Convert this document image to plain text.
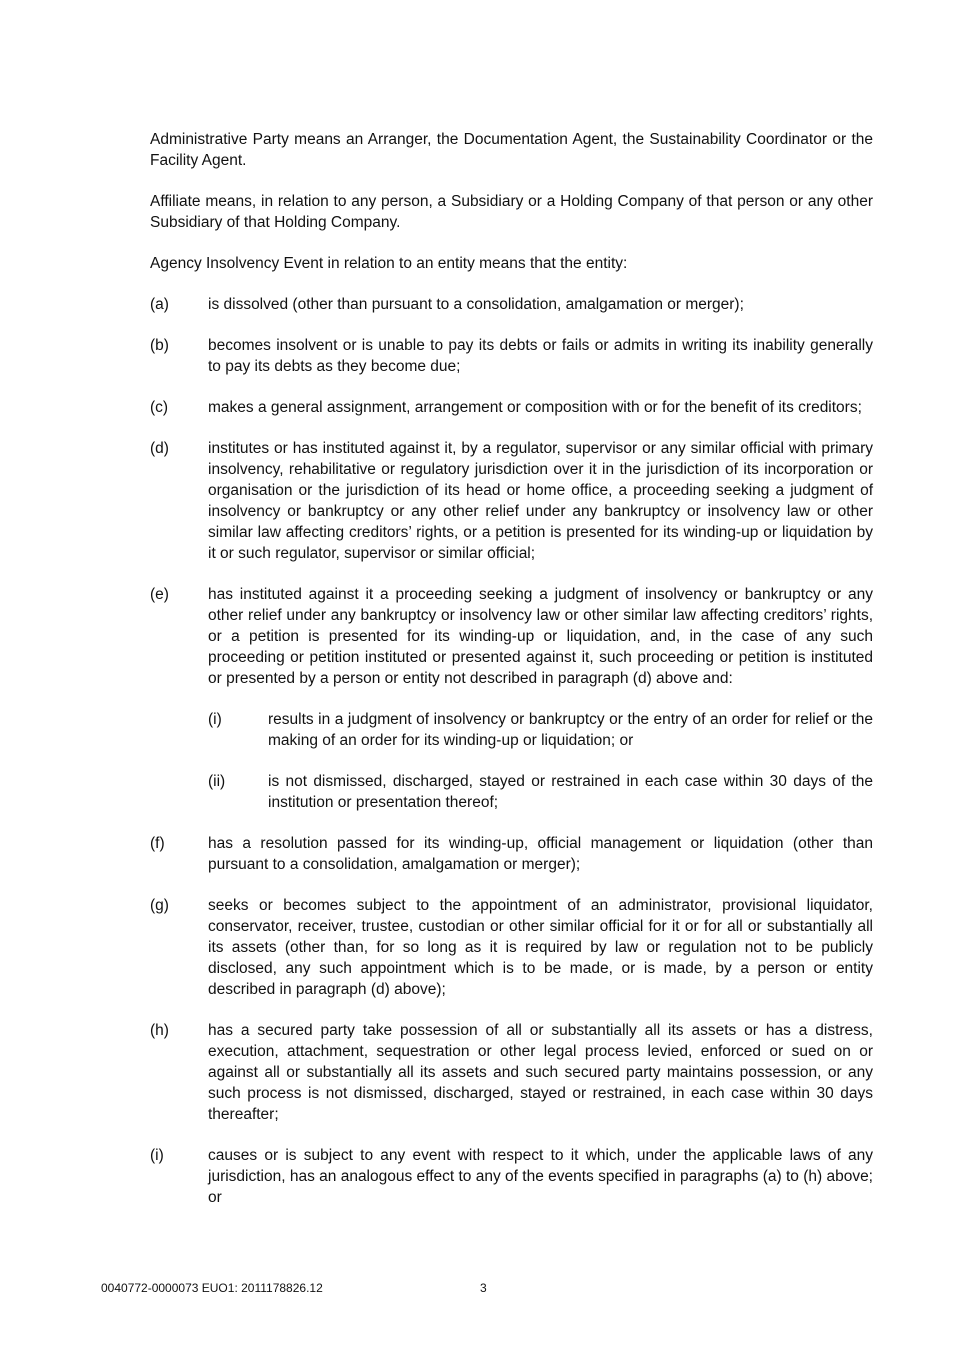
Administrative Party means an Arranger, the Documentation Agent, the Sustainability Coordinator or the Facility Agent.

Affiliate means, in relation to any person, a Subsidiary or a Holding Company of that person or any other Subsidiary of that Holding Company.

Agency Insolvency Event in relation to an entity means that the entity:

(a)	is dissolved (other than pursuant to a consolidation, amalgamation or merger);
(b)	becomes insolvent or is unable to pay its debts or fails or admits in writing its inability generally to pay its debts as they become due;
(c)	makes a general assignment, arrangement or composition with or for the benefit of its creditors;
(d)	institutes or has instituted against it, by a regulator, supervisor or any similar official with primary insolvency, rehabilitative or regulatory jurisdiction over it in the jurisdiction of its incorporation or organisation or the jurisdiction of its head or home office, a proceeding seeking a judgment of insolvency or bankruptcy or any other relief under any bankruptcy or insolvency law or other similar law affecting creditors’ rights, or a petition is presented for its winding-up or liquidation by it or such regulator, supervisor or similar official;
(e)	has instituted against it a proceeding seeking a judgment of insolvency or bankruptcy or any other relief under any bankruptcy or insolvency law or other similar law affecting creditors’ rights, or a petition is presented for its winding-up or liquidation, and, in the case of any such proceeding or petition instituted or presented against it, such proceeding or petition is instituted or presented by a person or entity not described in paragraph (d) above and:
(i)	results in a judgment of insolvency or bankruptcy or the entry of an order for relief or the making of an order for its winding-up or liquidation; or
(ii)	is not dismissed, discharged, stayed or restrained in each case within 30 days of the institution or presentation thereof;
(f)	has a resolution passed for its winding-up, official management or liquidation (other than pursuant to a consolidation, amalgamation or merger);
(g)	seeks or becomes subject to the appointment of an administrator, provisional liquidator, conservator, receiver, trustee, custodian or other similar official for it or for all or substantially all its assets (other than, for so long as it is required by law or regulation not to be publicly disclosed, any such appointment which is to be made, or is made, by a person or entity described in paragraph (d) above);
(h)	has a secured party take possession of all or substantially all its assets or has a distress, execution, attachment, sequestration or other legal process levied, enforced or sued on or against all or substantially all its assets and such secured party maintains possession, or any such process is not dismissed, discharged, stayed or restrained, in each case within 30 days thereafter;
(i)	causes or is subject to any event with respect to it which, under the applicable laws of any jurisdiction, has an analogous effect to any of the events specified in paragraphs (a) to (h) above; or
0040772-0000073 EUO1: 2011178826.12	3
